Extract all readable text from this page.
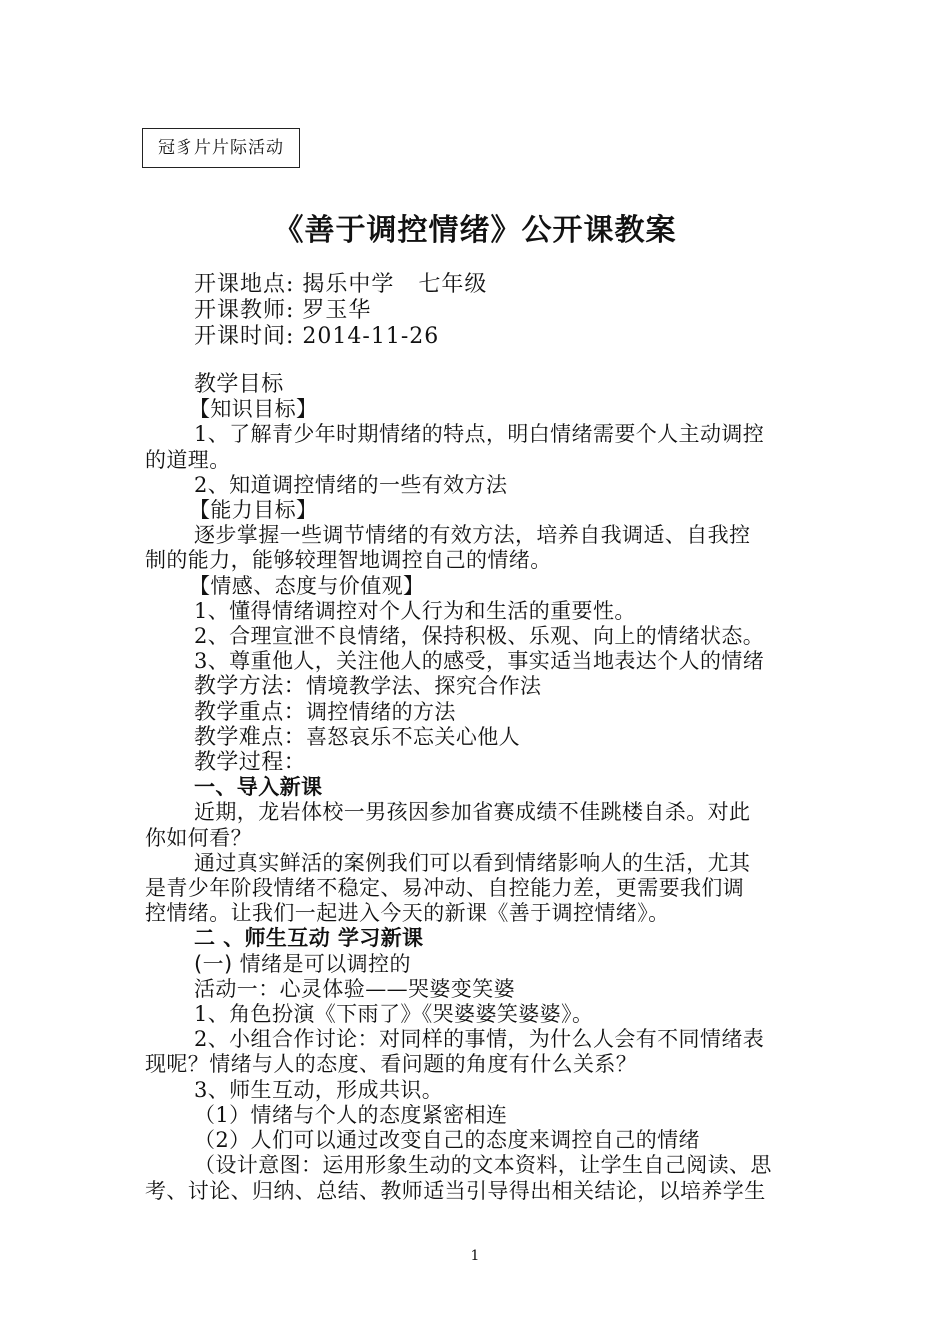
冠豸片片际活动
《善于调控情绪》公开课教案
开课地点: 揭乐中学   七年级
开课教师: 罗玉华
开课时间: 2014-11-26
教学目标
【知识目标】
1、了解青少年时期情绪的特点，明白情绪需要个人主动调控
的道理。
2、知道调控情绪的一些有效方法
【能力目标】
逐步掌握一些调节情绪的有效方法，培养自我调适、自我控
制的能力，能够较理智地调控自己的情绪。
【情感、态度与价值观】
1、懂得情绪调控对个人行为和生活的重要性。
2、合理宣泄不良情绪，保持积极、乐观、向上的情绪状态。
3、尊重他人，关注他人的感受，事实适当地表达个人的情绪
教学方法：情境教学法、探究合作法
教学重点：调控情绪的方法
教学难点：喜怒哀乐不忘关心他人
教学过程：
一、导入新课
近期，龙岩体校一男孩因参加省赛成绩不佳跳楼自杀。对此
你如何看？
通过真实鲜活的案例我们可以看到情绪影响人的生活，尤其
是青少年阶段情绪不稳定、易冲动、自控能力差，更需要我们调
控情绪。让我们一起进入今天的新课《善于调控情绪》。
二 、师生互动 学习新课
(一) 情绪是可以调控的
活动一：心灵体验——哭婆变笑婆
1、角色扮演《下雨了》《哭婆婆笑婆婆》。
2、小组合作讨论：对同样的事情，为什么人会有不同情绪表
现呢？情绪与人的态度、看问题的角度有什么关系？
3、师生互动，形成共识。
（1）情绪与个人的态度紧密相连
（2）人们可以通过改变自己的态度来调控自己的情绪
（设计意图：运用形象生动的文本资料，让学生自己阅读、思
考、讨论、归纳、总结、教师适当引导得出相关结论，以培养学生
1
